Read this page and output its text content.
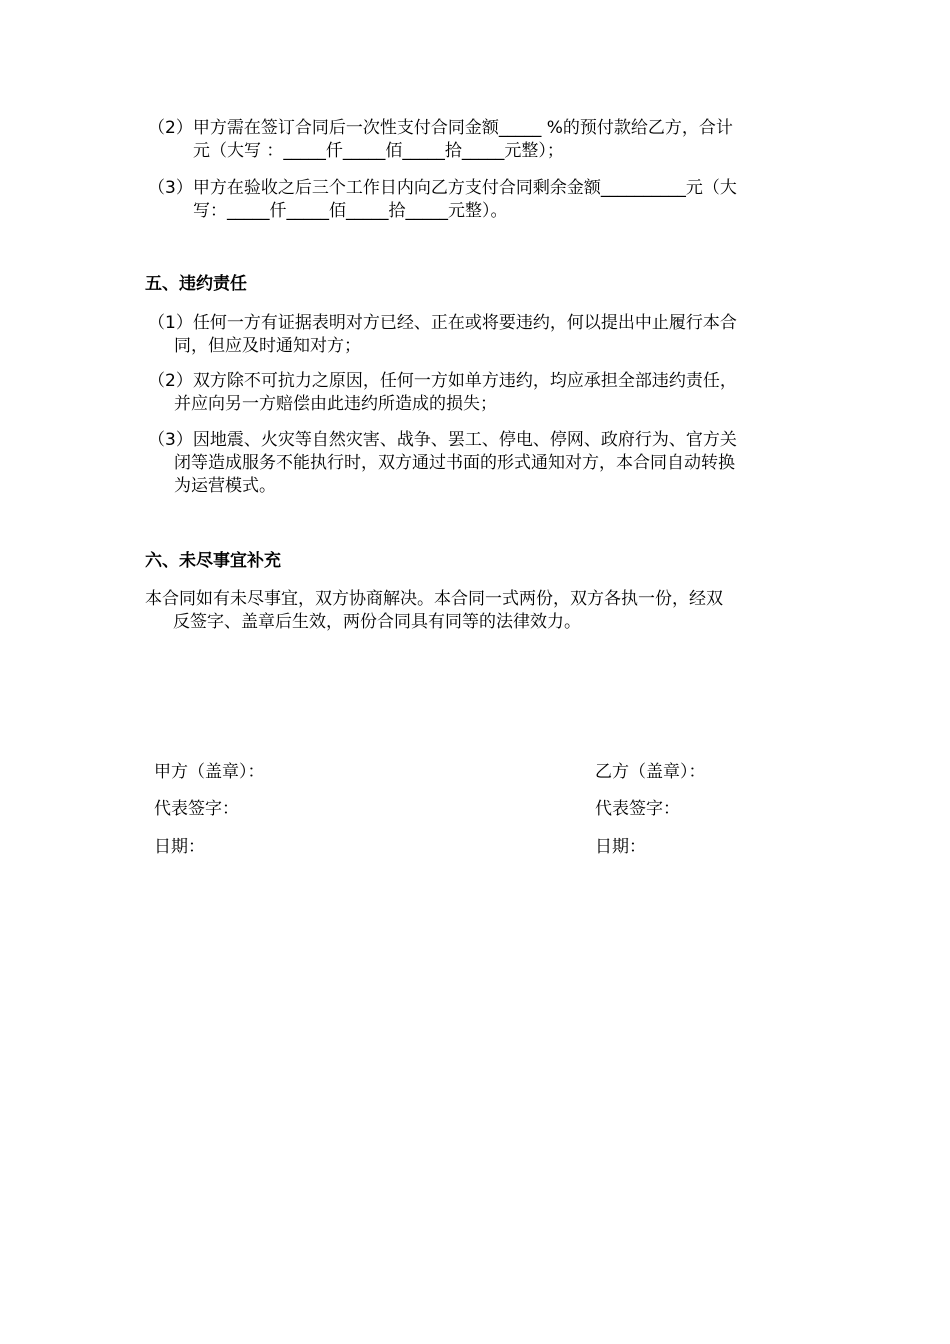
（2）甲方需在签订合同后一次性支付合同金额_____ %的预付款给乙方，合计
元（大写 ：_____仟_____佰_____拾_____元整）；
（3）甲方在验收之后三个工作日内向乙方支付合同剩余金额__________元（大
写：_____仟_____佰_____拾_____元整）。
五、违约责任
（1）任何一方有证据表明对方已经、正在或将要违约，何以提出中止履行本合
同，但应及时通知对方；
（2）双方除不可抗力之原因，任何一方如单方违约，均应承担全部违约责任，
并应向另一方赔偿由此违约所造成的损失；
（3）因地震、火灾等自然灾害、战争、罢工、停电、停网、政府行为、官方关
闭等造成服务不能执行时，双方通过书面的形式通知对方，本合同自动转换
为运营模式。
六、未尽事宜补充
本合同如有未尽事宜，双方协商解决。本合同一式两份，双方各执一份，经双
反签字、盖章后生效，两份合同具有同等的法律效力。
甲方（盖章）：
代表签字：
日期：
乙方（盖章）：
代表签字：
日期：
